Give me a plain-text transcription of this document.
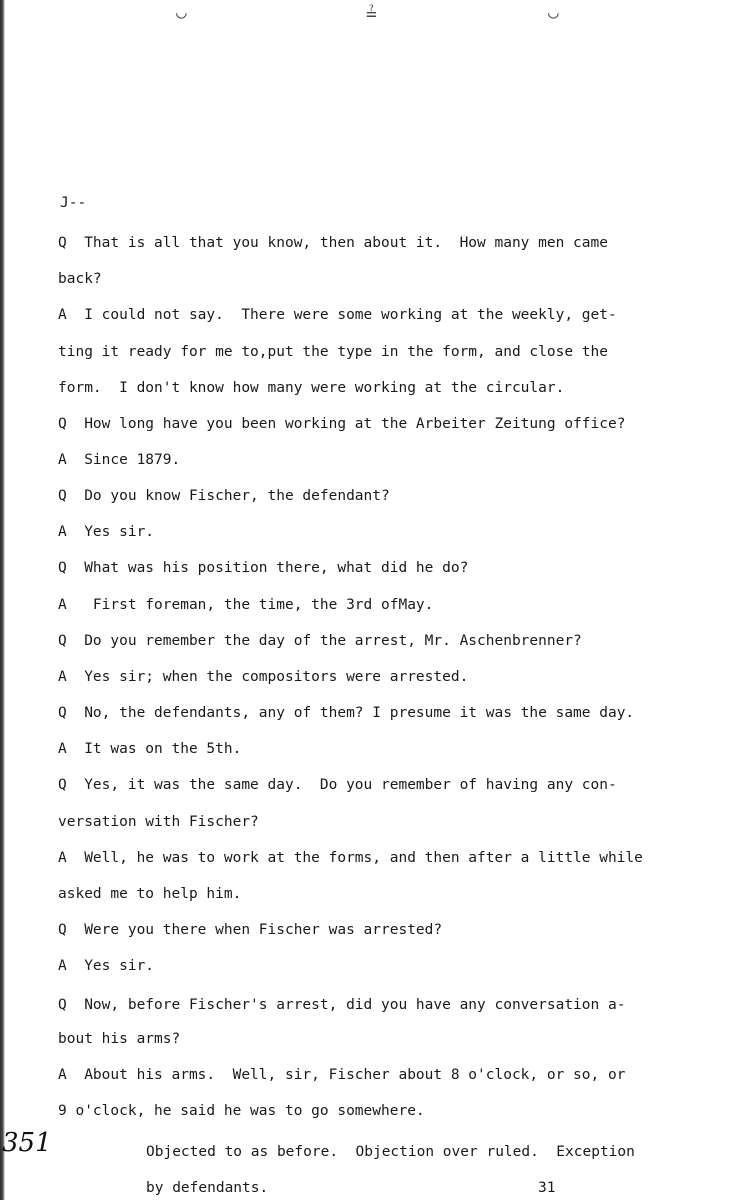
◡	≟	◡
J--
Q  That is all that you know, then about it.  How many men came
back?
A  I could not say.  There were some working at the weekly, get-
ting it ready for me to,put the type in the form, and close the
form.  I don't know how many were working at the circular.
Q  How long have you been working at the Arbeiter Zeitung office?
A  Since 1879.
Q  Do you know Fischer, the defendant?
A  Yes sir.
Q  What was his position there, what did he do?
A   First foreman, the time, the 3rd ofMay.
Q  Do you remember the day of the arrest, Mr. Aschenbrenner?
A  Yes sir; when the compositors were arrested.
Q  No, the defendants, any of them? I presume it was the same day.
A  It was on the 5th.
Q  Yes, it was the same day.  Do you remember of having any con-
versation with Fischer?
A  Well, he was to work at the forms, and then after a little while
asked me to help him.
Q  Were you there when Fischer was arrested?
A  Yes sir.
Q  Now, before Fischer's arrest, did you have any conversation a-
bout his arms?
A  About his arms.  Well, sir, Fischer about 8 o'clock, or so, or
9 o'clock, he said he was to go somewhere.
Objected to as before.  Objection over ruled.  Exception
by defendants.
351
31
